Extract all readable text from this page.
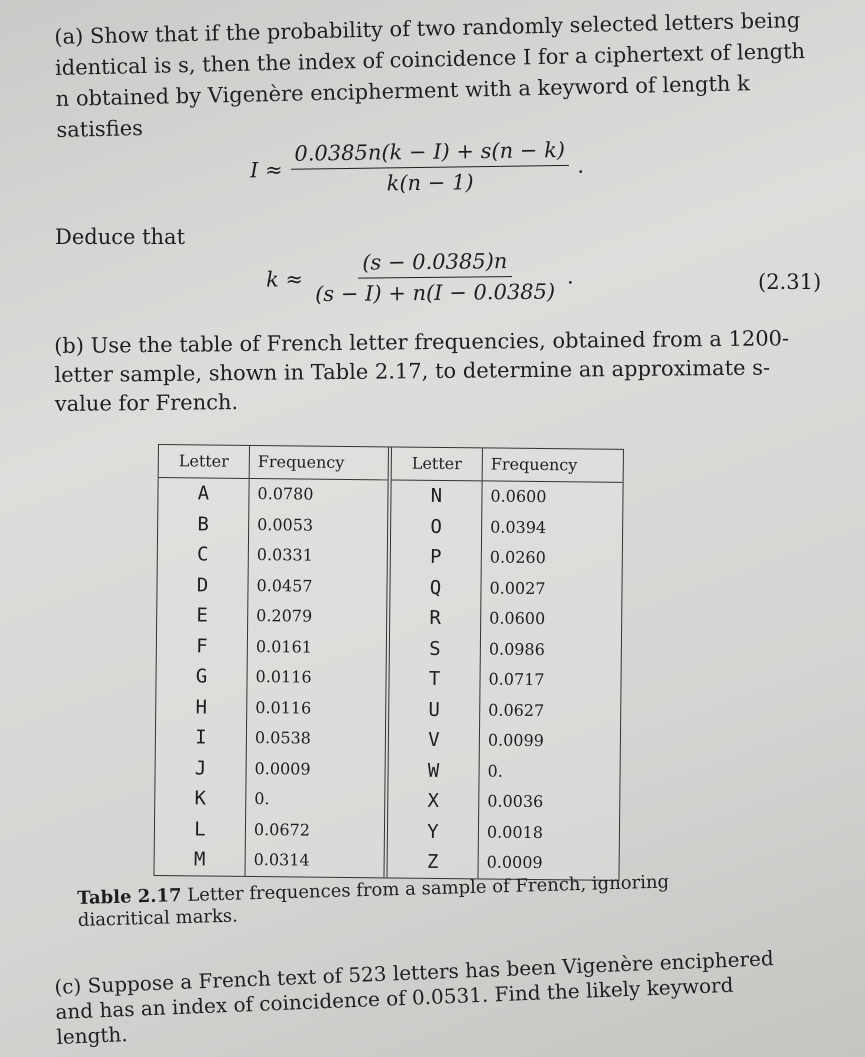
(a) Show that if the probability of two randomly selected letters being identical is s, then the index of coincidence I for a ciphertext of length n obtained by Vigenère encipherment with a keyword of length k satisfies
$I \approx \frac{0.0385n(k - I) + s(n - k)}{k(n - 1)}$ .
Deduce that
$k \approx \frac{(s - 0.0385)n}{(s - I) + n(I - 0.0385)}$ .	(2.31)
(b) Use the table of French letter frequencies, obtained from a 1200-letter sample, shown in Table 2.17, to determine an approximate s-value for French.
Letter
A
B
C
D
E
F
G
H
I
J
K
L
M
Frequency
0.0780
0.0053
0.0331
0.0457
0.2079
0.0161
0.0116
0.0116
0.0538
0.0009
0.
0.0672
0.0314
Letter
N
O
P
Q
R
S
T
U
V
W
X
Y
Z
Frequency
0.0600
0.0394
0.0260
0.0027
0.0600
0.0986
0.0717
0.0627
0.0099
0.
0.0036
0.0018
0.0009
Table 2.17 Letter frequences from a sample of French, ignoring diacritical marks.
(c) Suppose a French text of 523 letters has been Vigenère enciphered and has an index of coincidence of 0.0531. Find the likely keyword length.
